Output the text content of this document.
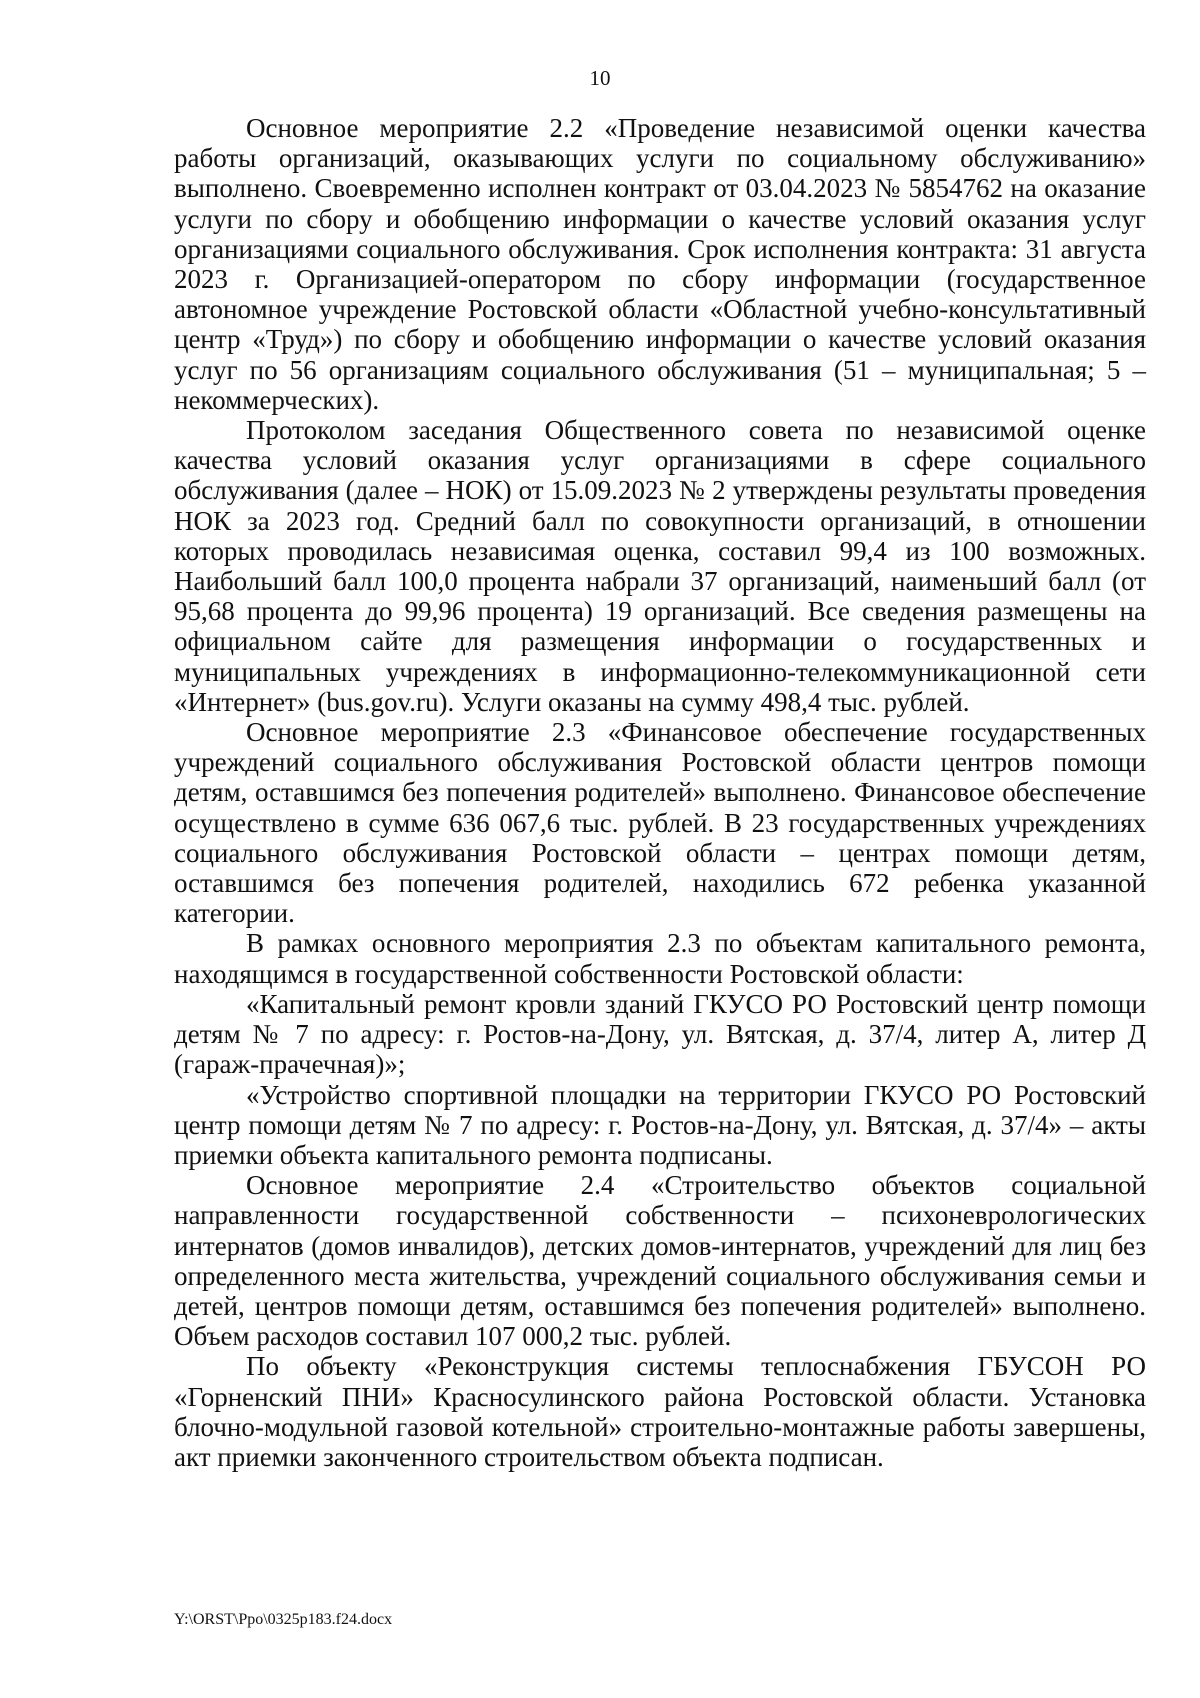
10

Основное мероприятие 2.2 «Проведение независимой оценки качества работы организаций, оказывающих услуги по социальному обслуживанию» выполнено. Своевременно исполнен контракт от 03.04.2023 № 5854762 на оказание услуги по сбору и обобщению информации о качестве условий оказания услуг организациями социального обслуживания. Срок исполнения контракта: 31 августа 2023 г. Организацией-оператором по сбору информации (государственное автономное учреждение Ростовской области «Областной учебно-консультативный центр «Труд») по сбору и обобщению информации о качестве условий оказания услуг по 56 организациям социального обслуживания (51 – муниципальная; 5 – некоммерческих).

Протоколом заседания Общественного совета по независимой оценке качества условий оказания услуг организациями в сфере социального обслуживания (далее – НОК) от 15.09.2023 № 2 утверждены результаты проведения НОК за 2023 год. Средний балл по совокупности организаций, в отношении которых проводилась независимая оценка, составил 99,4 из 100 возможных. Наибольший балл 100,0 процента набрали 37 организаций, наименьший балл (от 95,68 процента до 99,96 процента) 19 организаций. Все сведения размещены на официальном сайте для размещения информации о государственных и муниципальных учреждениях в информационно-телекоммуникационной сети «Интернет» (bus.gov.ru). Услуги оказаны на сумму 498,4 тыс. рублей.

Основное мероприятие 2.3 «Финансовое обеспечение государственных учреждений социального обслуживания Ростовской области центров помощи детям, оставшимся без попечения родителей» выполнено. Финансовое обеспечение осуществлено в сумме 636 067,6 тыс. рублей. В 23 государственных учреждениях социального обслуживания Ростовской области – центрах помощи детям, оставшимся без попечения родителей, находились 672 ребенка указанной категории.

В рамках основного мероприятия 2.3 по объектам капитального ремонта, находящимся в государственной собственности Ростовской области:

«Капитальный ремонт кровли зданий ГКУСО РО Ростовский центр помощи детям № 7 по адресу: г. Ростов-на-Дону, ул. Вятская, д. 37/4, литер А, литер Д (гараж-прачечная)»;

«Устройство спортивной площадки на территории ГКУСО РО Ростовский центр помощи детям № 7 по адресу: г. Ростов-на-Дону, ул. Вятская, д. 37/4» – акты приемки объекта капитального ремонта подписаны.

Основное мероприятие 2.4 «Строительство объектов социальной направленности государственной собственности – психоневрологических интернатов (домов инвалидов), детских домов-интернатов, учреждений для лиц без определенного места жительства, учреждений социального обслуживания семьи и детей, центров помощи детям, оставшимся без попечения родителей» выполнено. Объем расходов составил 107 000,2 тыс. рублей.

По объекту «Реконструкция системы теплоснабжения ГБУСОН РО «Горненский ПНИ» Красносулинского района Ростовской области. Установка блочно-модульной газовой котельной» строительно-монтажные работы завершены, акт приемки законченного строительством объекта подписан.

Y:\ORST\Ppo\0325p183.f24.docx
